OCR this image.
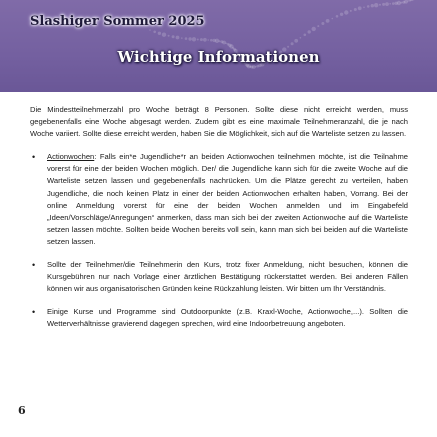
Slashiger Sommer 2025
Wichtige Informationen

Die Mindestteilnehmerzahl pro Woche beträgt 8 Personen. Sollte diese nicht erreicht werden, muss gegebenenfalls eine Woche abgesagt werden. Zudem gibt es eine maximale Teilnehmeranzahl, die je nach Woche variiert. Sollte diese erreicht werden, haben Sie die Möglichkeit, sich auf die Warteliste setzen zu lassen.

• Actionwochen: Falls ein*e Jugendliche*r an beiden Actionwochen teilnehmen möchte, ist die Teilnahme vorerst für eine der beiden Wochen möglich. Der/ die Jugendliche kann sich für die zweite Woche auf die Warteliste setzen lassen und gegebenenfalls nachrücken. Um die Plätze gerecht zu verteilen, haben Jugendliche, die noch keinen Platz in einer der beiden Actionwochen erhalten haben, Vorrang. Bei der online Anmeldung vorerst für eine der beiden Wochen anmelden und im Eingabefeld „Ideen/Vorschläge/Anregungen“ anmerken, dass man sich bei der zweiten Actionwoche auf die Warteliste setzen lassen möchte. Sollten beide Wochen bereits voll sein, kann man sich bei beiden auf die Warteliste setzen lassen.
• Sollte der Teilnehmer/die Teilnehmerin den Kurs, trotz fixer Anmeldung, nicht besuchen, können die Kursgebühren nur nach Vorlage einer ärztlichen Bestätigung rückerstattet werden. Bei anderen Fällen können wir aus organisatorischen Gründen keine Rückzahlung leisten. Wir bitten um Ihr Verständnis.
• Einige Kurse und Programme sind Outdoorpunkte (z.B. Kraxl-Woche, Actionwoche,...). Sollten die Wetterverhältnisse gravierend dagegen sprechen, wird eine Indoorbetreuung angeboten.
6
